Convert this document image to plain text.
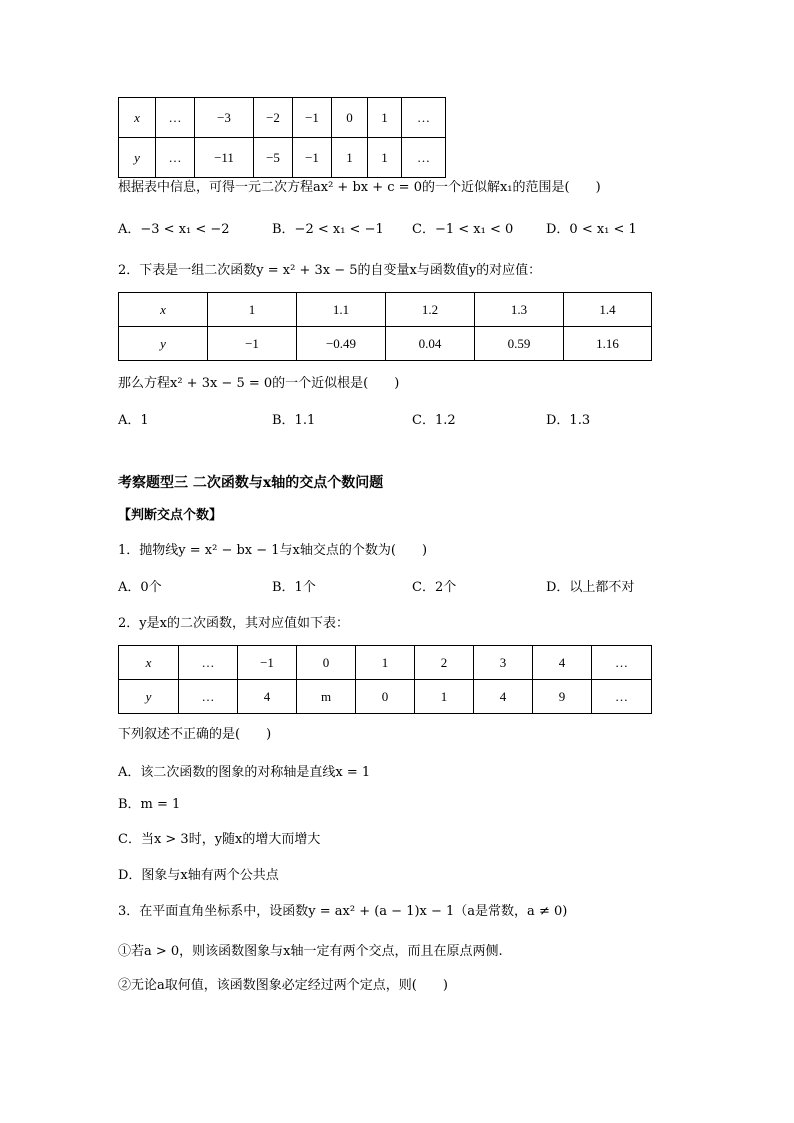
x	…	−3	−2	−1	0	1	…
y	…	−11	−5	−1	1	1	…
根据表中信息，可得一元二次方程ax² + bx + c = 0的一个近似解x₁的范围是(　　)
A．−3 < x₁ < −2	B．−2 < x₁ < −1 C．−1 < x₁ < 0	D．0 < x₁ < 1
2．下表是一组二次函数y = x² + 3x − 5的自变量x与函数值y的对应值：
x	1	1.1	1.2	1.3	1.4
y	−1	−0.49	0.04	0.59	1.16
那么方程x² + 3x − 5 = 0的一个近似根是(　　)
A．1	B．1.1	C．1.2	D．1.3
考察题型三 二次函数与x轴的交点个数问题
【判断交点个数】
1．抛物线y = x² − bx − 1与x轴交点的个数为(　　)
A．0个	B．1个	C．2个	D．以上都不对
2．y是x的二次函数，其对应值如下表：
x	…	−1	0	1	2	3	4	…
y	…	4	m	0	1	4	9	…
下列叙述不正确的是(　　)
A．该二次函数的图象的对称轴是直线x = 1
B．m = 1
C．当x > 3时，y随x的增大而增大
D．图象与x轴有两个公共点
3．在平面直角坐标系中，设函数y = ax² + (a − 1)x − 1（a是常数，a ≠ 0)
①若a > 0，则该函数图象与x轴一定有两个交点，而且在原点两侧.
②无论a取何值，该函数图象必定经过两个定点，则(　　)
